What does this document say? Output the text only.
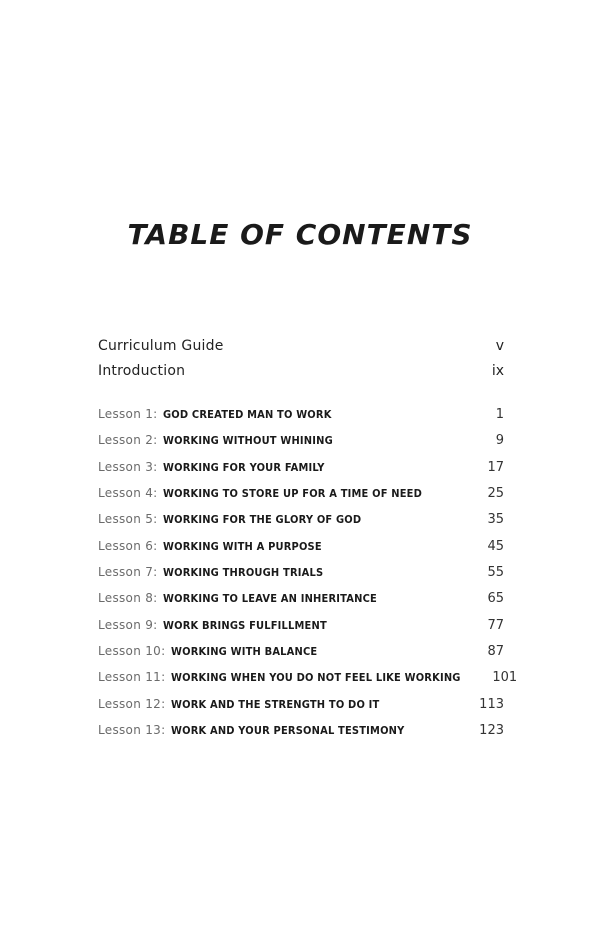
TABLE OF CONTENTS
Curriculum Guide	v
Introduction	ix
Lesson 1: GOD CREATED MAN TO WORK	1
Lesson 2: WORKING WITHOUT WHINING	9
Lesson 3: WORKING FOR YOUR FAMILY	17
Lesson 4: WORKING TO STORE UP FOR A TIME OF NEED	25
Lesson 5: WORKING FOR THE GLORY OF GOD	35
Lesson 6: WORKING WITH A PURPOSE	45
Lesson 7: WORKING THROUGH TRIALS	55
Lesson 8: WORKING TO LEAVE AN INHERITANCE	65
Lesson 9: WORK BRINGS FULFILLMENT	77
Lesson 10: WORKING WITH BALANCE	87
Lesson 11: WORKING WHEN YOU DO NOT FEEL LIKE WORKING	101
Lesson 12: WORK AND THE STRENGTH TO DO IT	113
Lesson 13: WORK AND YOUR PERSONAL TESTIMONY	123
